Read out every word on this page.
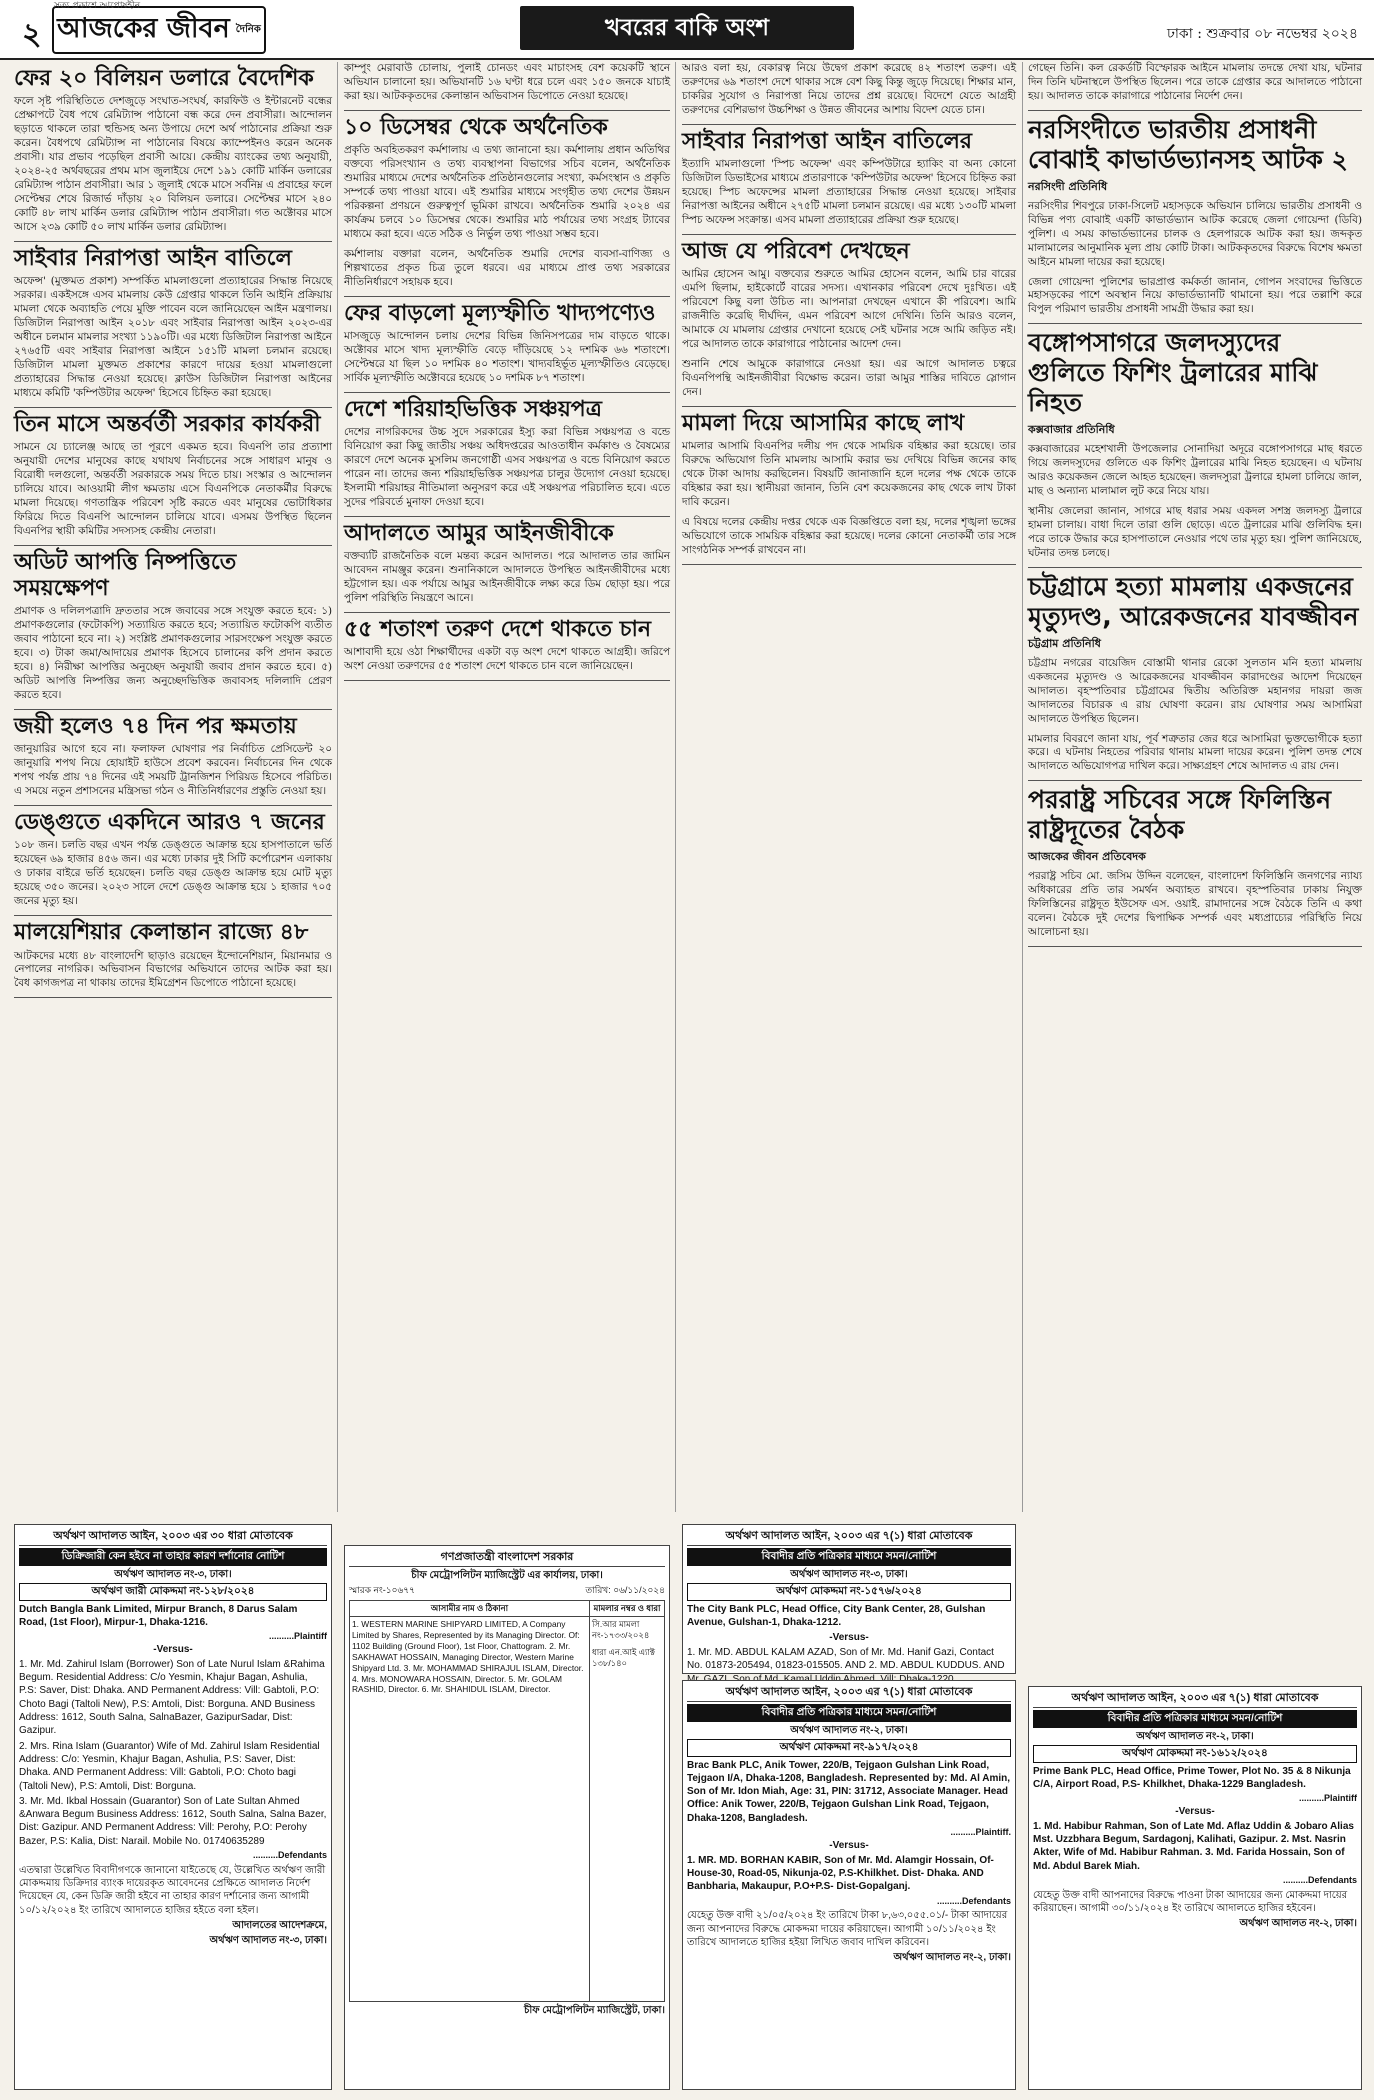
২ আজকের জীবন দৈনিক
সত্য প্রকাশে আপোষহীন
খবরের বাকি অংশ	ঢাকা : শুক্রবার ০৮ নভেম্বর ২০২৪
ফের ২০ বিলিয়ন ডলারে বৈদেশিক

ফলে সৃষ্ট পরিস্থিতিতে দেশজুড়ে সংঘাত-সংঘর্ষ, কারফিউ ও ইন্টারনেট বন্ধের প্রেক্ষাপটে বৈধ পথে রেমিট্যান্স পাঠানো বন্ধ করে দেন প্রবাসীরা। আন্দোলন ছড়াতে থাকলে তারা হুন্ডিসহ অন্য উপায়ে দেশে অর্থ পাঠানোর প্রক্রিয়া শুরু করেন। বৈধপথে রেমিট্যান্স না পাঠানোর বিষয়ে ক্যাম্পেইনও করেন অনেক প্রবাসী। যার প্রভাব পড়েছিল প্রবাসী আয়ে। কেন্দ্রীয় ব্যাংকের তথ্য অনুযায়ী, ২০২৪-২৫ অর্থবছরের প্রথম মাস জুলাইয়ে দেশে ১৯১ কোটি মার্কিন ডলারের রেমিট্যান্স পাঠান প্রবাসীরা। আর ১ জুলাই থেকে মাসে সর্বনিম্ন এ প্রবাহের ফলে সেপ্টেম্বর শেষে রিজার্ভ দাঁড়ায় ২০ বিলিয়ন ডলারে। সেপ্টেম্বর মাসে ২৪০ কোটি ৪৮ লাখ মার্কিন ডলার রেমিট্যান্স পাঠান প্রবাসীরা। গত অক্টোবর মাসে আসে ২৩৯ কোটি ৫০ লাখ মার্কিন ডলার রেমিট্যান্স।

সাইবার নিরাপত্তা আইন বাতিলে

অফেন্স' (মুক্তমত প্রকাশ) সম্পর্কিত মামলাগুলো প্রত্যাহারের সিদ্ধান্ত নিয়েছে সরকার। একইসঙ্গে এসব মামলায় কেউ গ্রেপ্তার থাকলে তিনি আইনি প্রক্রিয়ায় মামলা থেকে অব্যাহতি পেয়ে মুক্তি পাবেন বলে জানিয়েছেন আইন মন্ত্রণালয়। ডিজিটাল নিরাপত্তা আইন ২০১৮ এবং সাইবার নিরাপত্তা আইন ২০২৩-এর অধীনে চলমান মামলার সংখ্যা ১১৯০টি। এর মধ্যে ডিজিটাল নিরাপত্তা আইনে ২৭৬৫টি এবং সাইবার নিরাপত্তা আইনে ১৫১টি মামলা চলমান রয়েছে। ডিজিটাল মামলা মুক্তমত প্রকাশের কারণে দায়ের হওয়া মামলাগুলো প্রত্যাহারের সিদ্ধান্ত নেওয়া হয়েছে। ক্লাউস ডিজিটাল নিরাপত্তা আইনের মাধ্যমে কমিটি 'কম্পিউটার অফেন্স' হিসেবে চিহ্নিত করা হয়েছে।

তিন মাসে অন্তর্বর্তী সরকার কার্যকরী

সামনে যে চ্যালেঞ্জ আছে তা পূরণে একমত হবে। বিএনপি তার প্রত্যাশা অনুযায়ী দেশের মানুষের কাছে যথাযথ নির্বাচনের সঙ্গে সাধারণ মানুষ ও বিরোধী দলগুলো, অন্তর্বর্তী সরকারকে সময় দিতে চায়। সংস্কার ও আন্দোলন চালিয়ে যাবে। আওয়ামী লীগ ক্ষমতায় এসে বিএনপিকে নেতাকর্মীর বিরুদ্ধে মামলা দিয়েছে। গণতান্ত্রিক পরিবেশ সৃষ্টি করতে এবং মানুষের ভোটাধিকার ফিরিয়ে দিতে বিএনপি আন্দোলন চালিয়ে যাবে। এসময় উপস্থিত ছিলেন বিএনপির স্থায়ী কমিটির সদস্যসহ কেন্দ্রীয় নেতারা।

অডিট আপত্তি নিষ্পত্তিতে সময়ক্ষেপণ

প্রমাণক ও দলিলপত্রাদি দ্রুততার সঙ্গে জবাবের সঙ্গে সংযুক্ত করতে হবে: ১) প্রমাণকগুলোর (ফটোকপি) সত্যায়িত করতে হবে; সত্যায়িত ফটোকপি ব্যতীত জবাব পাঠানো হবে না। ২) সংশ্লিষ্ট প্রমাণকগুলোর সারসংক্ষেপ সংযুক্ত করতে হবে। ৩) টাকা জমা/আদায়ের প্রমাণক হিসেবে চালানের কপি প্রদান করতে হবে। ৪) নিরীক্ষা আপত্তির অনুচ্ছেদ অনুযায়ী জবাব প্রদান করতে হবে। ৫) অডিট আপত্তি নিষ্পত্তির জন্য অনুচ্ছেদভিত্তিক জবাবসহ দলিলাদি প্রেরণ করতে হবে।

জয়ী হলেও ৭৪ দিন পর ক্ষমতায়

জানুয়ারির আগে হবে না। ফলাফল ঘোষণার পর নির্বাচিত প্রেসিডেন্ট ২০ জানুয়ারি শপথ নিয়ে হোয়াইট হাউসে প্রবেশ করবেন। নির্বাচনের দিন থেকে শপথ পর্যন্ত প্রায় ৭৪ দিনের এই সময়টি ট্রানজিশন পিরিয়ড হিসেবে পরিচিত। এ সময়ে নতুন প্রশাসনের মন্ত্রিসভা গঠন ও নীতিনির্ধারণের প্রস্তুতি নেওয়া হয়।

ডেঙ্গুতে একদিনে আরও ৭ জনের

১০৮ জন। চলতি বছর এখন পর্যন্ত ডেঙ্গুতে আক্রান্ত হয়ে হাসপাতালে ভর্তি হয়েছেন ৬৯ হাজার ৪৫৬ জন। এর মধ্যে ঢাকার দুই সিটি কর্পোরেশন এলাকায় ও ঢাকার বাইরে ভর্তি হয়েছেন। চলতি বছর ডেঙ্গু আক্রান্ত হয়ে মোট মৃত্যু হয়েছে ৩৫০ জনের। ২০২৩ সালে দেশে ডেঙ্গু আক্রান্ত হয়ে ১ হাজার ৭০৫ জনের মৃত্যু হয়।

মালয়েশিয়ার কেলান্তান রাজ্যে ৪৮

আটকদের মধ্যে ৪৮ বাংলাদেশি ছাড়াও রয়েছেন ইন্দোনেশিয়ান, মিয়ানমার ও নেপালের নাগরিক। অভিবাসন বিভাগের অভিযানে তাদের আটক করা হয়। বৈধ কাগজপত্র না থাকায় তাদের ইমিগ্রেশন ডিপোতে পাঠানো হয়েছে।

কাম্পুং মেরাবাউ চোলায়, পুলাই চোনডং এবং মাচাংসহ বেশ কয়েকটি স্থানে অভিযান চালানো হয়। অভিযানটি ১৬ ঘণ্টা ধরে চলে এবং ১৫০ জনকে যাচাই করা হয়। আটককৃতদের কেলান্তান অভিবাসন ডিপোতে নেওয়া হয়েছে।

১০ ডিসেম্বর থেকে অর্থনৈতিক

প্রকৃতি অবহিতকরণ কর্মশালায় এ তথ্য জানানো হয়। কর্মশালায় প্রধান অতিথির বক্তব্যে পরিসংখ্যান ও তথ্য ব্যবস্থাপনা বিভাগের সচিব বলেন, অর্থনৈতিক শুমারির মাধ্যমে দেশের অর্থনৈতিক প্রতিষ্ঠানগুলোর সংখ্যা, কর্মসংস্থান ও প্রকৃতি সম্পর্কে তথ্য পাওয়া যাবে। এই শুমারির মাধ্যমে সংগৃহীত তথ্য দেশের উন্নয়ন পরিকল্পনা প্রণয়নে গুরুত্বপূর্ণ ভূমিকা রাখবে। অর্থনৈতিক শুমারি ২০২৪ এর কার্যক্রম চলবে ১০ ডিসেম্বর থেকে। শুমারির মাঠ পর্যায়ের তথ্য সংগ্রহ ট্যাবের মাধ্যমে করা হবে। এতে সঠিক ও নির্ভুল তথ্য পাওয়া সম্ভব হবে।

কর্মশালায় বক্তারা বলেন, অর্থনৈতিক শুমারি দেশের ব্যবসা-বাণিজ্য ও শিল্পখাতের প্রকৃত চিত্র তুলে ধরবে। এর মাধ্যমে প্রাপ্ত তথ্য সরকারের নীতিনির্ধারণে সহায়ক হবে।

ফের বাড়লো মূল্যস্ফীতি খাদ্যপণ্যেও

মাসজুড়ে আন্দোলন চলায় দেশের বিভিন্ন জিনিসপত্রের দাম বাড়তে থাকে। অক্টোবর মাসে খাদ্য মূল্যস্ফীতি বেড়ে দাঁড়িয়েছে ১২ দশমিক ৬৬ শতাংশে। সেপ্টেম্বরে যা ছিল ১০ দশমিক ৪০ শতাংশ। খাদ্যবহির্ভূত মূল্যস্ফীতিও বেড়েছে। সার্বিক মূল্যস্ফীতি অক্টোবরে হয়েছে ১০ দশমিক ৮৭ শতাংশ।

দেশে শরিয়াহভিত্তিক সঞ্চয়পত্র

দেশের নাগরিকদের উচ্চ সুদে সরকারের ইস্যু করা বিভিন্ন সঞ্চয়পত্র ও বন্ডে বিনিয়োগ করা কিছু জাতীয় সঞ্চয় অধিদপ্তরের আওতাধীন কর্মকাণ্ড ও বৈষম্যের কারণে দেশে অনেক মুসলিম জনগোষ্ঠী এসব সঞ্চয়পত্র ও বন্ডে বিনিয়োগ করতে পারেন না। তাদের জন্য শরিয়াহভিত্তিক সঞ্চয়পত্র চালুর উদ্যোগ নেওয়া হয়েছে। ইসলামী শরিয়াহর নীতিমালা অনুসরণ করে এই সঞ্চয়পত্র পরিচালিত হবে। এতে সুদের পরিবর্তে মুনাফা দেওয়া হবে।

আদালতে আমুর আইনজীবীকে

বক্তব্যটি রাজনৈতিক বলে মন্তব্য করেন আদালত। পরে আদালত তার জামিন আবেদন নামঞ্জুর করেন। শুনানিকালে আদালতে উপস্থিত আইনজীবীদের মধ্যে হট্টগোল হয়। এক পর্যায়ে আমুর আইনজীবীকে লক্ষ্য করে ডিম ছোড়া হয়। পরে পুলিশ পরিস্থিতি নিয়ন্ত্রণে আনে।

৫৫ শতাংশ তরুণ দেশে থাকতে চান

আশাবাদী হয়ে ওঠা শিক্ষার্থীদের একটা বড় অংশ দেশে থাকতে আগ্রহী। জরিপে অংশ নেওয়া তরুণদের ৫৫ শতাংশ দেশে থাকতে চান বলে জানিয়েছেন।

আরও বলা হয়, বেকারত্ব নিয়ে উদ্বেগ প্রকাশ করেছে ৪২ শতাংশ তরুণ। এই তরুণদের ৬৯ শতাংশ দেশে থাকার সঙ্গে বেশ কিছু কিন্তু জুড়ে দিয়েছে। শিক্ষার মান, চাকরির সুযোগ ও নিরাপত্তা নিয়ে তাদের প্রশ্ন রয়েছে। বিদেশে যেতে আগ্রহী তরুণদের বেশিরভাগ উচ্চশিক্ষা ও উন্নত জীবনের আশায় বিদেশ যেতে চান।

সাইবার নিরাপত্তা আইন বাতিলের

ইত্যাদি মামলাগুলো 'স্পিচ অফেন্স' এবং কম্পিউটারে হ্যাকিং বা অন্য কোনো ডিজিটাল ডিভাইসের মাধ্যমে প্রতারণাকে 'কম্পিউটার অফেন্স' হিসেবে চিহ্নিত করা হয়েছে। স্পিচ অফেন্সের মামলা প্রত্যাহারের সিদ্ধান্ত নেওয়া হয়েছে। সাইবার নিরাপত্তা আইনের অধীনে ২৭৫টি মামলা চলমান রয়েছে। এর মধ্যে ১৩০টি মামলা স্পিচ অফেন্স সংক্রান্ত। এসব মামলা প্রত্যাহারের প্রক্রিয়া শুরু হয়েছে।

আজ যে পরিবেশ দেখছেন

আমির হোসেন আমু। বক্তব্যের শুরুতে আমির হোসেন বলেন, আমি চার বারের এমপি ছিলাম, হাইকোর্টে বারের সদস্য। এখানকার পরিবেশ দেখে দুঃখিত। এই পরিবেশে কিছু বলা উচিত না। আপনারা দেখছেন এখানে কী পরিবেশ। আমি রাজনীতি করেছি দীর্ঘদিন, এমন পরিবেশ আগে দেখিনি। তিনি আরও বলেন, আমাকে যে মামলায় গ্রেপ্তার দেখানো হয়েছে সেই ঘটনার সঙ্গে আমি জড়িত নই। পরে আদালত তাকে কারাগারে পাঠানোর আদেশ দেন।

শুনানি শেষে আমুকে কারাগারে নেওয়া হয়। এর আগে আদালত চত্বরে বিএনপিপন্থি আইনজীবীরা বিক্ষোভ করেন। তারা আমুর শাস্তির দাবিতে স্লোগান দেন।

মামলা দিয়ে আসামির কাছে লাখ

মামলার আসামি বিএনপির দলীয় পদ থেকে সাময়িক বহিষ্কার করা হয়েছে। তার বিরুদ্ধে অভিযোগ তিনি মামলায় আসামি করার ভয় দেখিয়ে বিভিন্ন জনের কাছ থেকে টাকা আদায় করছিলেন। বিষয়টি জানাজানি হলে দলের পক্ষ থেকে তাকে বহিষ্কার করা হয়। স্থানীয়রা জানান, তিনি বেশ কয়েকজনের কাছ থেকে লাখ টাকা দাবি করেন।

এ বিষয়ে দলের কেন্দ্রীয় দপ্তর থেকে এক বিজ্ঞপ্তিতে বলা হয়, দলের শৃঙ্খলা ভঙ্গের অভিযোগে তাকে সাময়িক বহিষ্কার করা হয়েছে। দলের কোনো নেতাকর্মী তার সঙ্গে সাংগঠনিক সম্পর্ক রাখবেন না।

গেছেন তিনি। কল রেকর্ডটি বিস্ফোরক আইনে মামলায় তদন্তে দেখা যায়, ঘটনার দিন তিনি ঘটনাস্থলে উপস্থিত ছিলেন। পরে তাকে গ্রেপ্তার করে আদালতে পাঠানো হয়। আদালত তাকে কারাগারে পাঠানোর নির্দেশ দেন।

নরসিংদীতে ভারতীয় প্রসাধনী বোঝাই কাভার্ডভ্যানসহ আটক ২
নরসিংদী প্রতিনিধি

নরসিংদীর শিবপুরে ঢাকা-সিলেট মহাসড়কে অভিযান চালিয়ে ভারতীয় প্রসাধনী ও বিভিন্ন পণ্য বোঝাই একটি কাভার্ডভ্যান আটক করেছে জেলা গোয়েন্দা (ডিবি) পুলিশ। এ সময় কাভার্ডভ্যানের চালক ও হেলপারকে আটক করা হয়। জব্দকৃত মালামালের আনুমানিক মূল্য প্রায় কোটি টাকা। আটককৃতদের বিরুদ্ধে বিশেষ ক্ষমতা আইনে মামলা দায়ের করা হয়েছে।

জেলা গোয়েন্দা পুলিশের ভারপ্রাপ্ত কর্মকর্তা জানান, গোপন সংবাদের ভিত্তিতে মহাসড়কের পাশে অবস্থান নিয়ে কাভার্ডভ্যানটি থামানো হয়। পরে তল্লাশি করে বিপুল পরিমাণ ভারতীয় প্রসাধনী সামগ্রী উদ্ধার করা হয়।

বঙ্গোপসাগরে জলদস্যুদের গুলিতে ফিশিং ট্রলারের মাঝি নিহত
কক্সবাজার প্রতিনিধি

কক্সবাজারের মহেশখালী উপজেলার সোনাদিয়া অদূরে বঙ্গোপসাগরে মাছ ধরতে গিয়ে জলদস্যুদের গুলিতে এক ফিশিং ট্রলারের মাঝি নিহত হয়েছেন। এ ঘটনায় আরও কয়েকজন জেলে আহত হয়েছেন। জলদস্যুরা ট্রলারে হামলা চালিয়ে জাল, মাছ ও অন্যান্য মালামাল লুট করে নিয়ে যায়।

স্থানীয় জেলেরা জানান, সাগরে মাছ ধরার সময় একদল সশস্ত্র জলদস্যু ট্রলারে হামলা চালায়। বাধা দিলে তারা গুলি ছোড়ে। এতে ট্রলারের মাঝি গুলিবিদ্ধ হন। পরে তাকে উদ্ধার করে হাসপাতালে নেওয়ার পথে তার মৃত্যু হয়। পুলিশ জানিয়েছে, ঘটনার তদন্ত চলছে।

চট্টগ্রামে হত্যা মামলায় একজনের মৃত্যুদণ্ড, আরেকজনের যাবজ্জীবন
চট্টগ্রাম প্রতিনিধি

চট্টগ্রাম নগরের বায়েজিদ বোস্তামী থানার রেকো সুলতান মনি হত্যা মামলায় একজনের মৃত্যুদণ্ড ও আরেকজনের যাবজ্জীবন কারাদণ্ডের আদেশ দিয়েছেন আদালত। বৃহস্পতিবার চট্টগ্রামের দ্বিতীয় অতিরিক্ত মহানগর দায়রা জজ আদালতের বিচারক এ রায় ঘোষণা করেন। রায় ঘোষণার সময় আসামিরা আদালতে উপস্থিত ছিলেন।

মামলার বিবরণে জানা যায়, পূর্ব শত্রুতার জের ধরে আসামিরা ভুক্তভোগীকে হত্যা করে। এ ঘটনায় নিহতের পরিবার থানায় মামলা দায়ের করেন। পুলিশ তদন্ত শেষে আদালতে অভিযোগপত্র দাখিল করে। সাক্ষ্যগ্রহণ শেষে আদালত এ রায় দেন।

পররাষ্ট্র সচিবের সঙ্গে ফিলিস্তিন রাষ্ট্রদূতের বৈঠক
আজকের জীবন প্রতিবেদক

পররাষ্ট্র সচিব মো. জসিম উদ্দিন বলেছেন, বাংলাদেশ ফিলিস্তিনি জনগণের ন্যায্য অধিকারের প্রতি তার সমর্থন অব্যাহত রাখবে। বৃহস্পতিবার ঢাকায় নিযুক্ত ফিলিস্তিনের রাষ্ট্রদূত ইউসেফ এস. ওয়াই. রামাদানের সঙ্গে বৈঠকে তিনি এ কথা বলেন। বৈঠকে দুই দেশের দ্বিপাক্ষিক সম্পর্ক এবং মধ্যপ্রাচ্যের পরিস্থিতি নিয়ে আলোচনা হয়।

অর্থঋণ আদালত আইন, ২০০৩ এর ৩০ ধারা মোতাবেক
ডিক্রিজারী কেন হইবে না তাহার কারণ দর্শানোর নোটিশ
অর্থঋণ আদালত নং-৩, ঢাকা।
অর্থঋণ জারী মোকদ্দমা নং-১২৮/২০২৪
Dutch Bangla Bank Limited, Mirpur Branch, 8 Darus Salam Road, (1st Floor), Mirpur-1, Dhaka-1216.
..........Plaintiff
-Versus-
1. Mr. Md. Zahirul Islam (Borrower) Son of Late Nurul Islam &Rahima Begum. Residential Address: C/o Yesmin, Khajur Bagan, Ashulia, P.S: Saver, Dist: Dhaka. AND Permanent Address: Vill: Gabtoli, P.O: Choto Bagi (Taltoli New), P.S: Amtoli, Dist: Borguna. AND Business Address: 1612, South Salna, SalnaBazer, GazipurSadar, Dist: Gazipur.
2. Mrs. Rina Islam (Guarantor) Wife of Md. Zahirul Islam Residential Address: C/o: Yesmin, Khajur Bagan, Ashulia, P.S: Saver, Dist: Dhaka. AND Permanent Address: Vill: Gabtoli, P.O: Choto bagi (Taltoli New), P.S: Amtoli, Dist: Borguna.
3. Mr. Md. Ikbal Hossain (Guarantor) Son of Late Sultan Ahmed &Anwara Begum Business Address: 1612, South Salna, Salna Bazer, Dist: Gazipur. AND Permanent Address: Vill: Perohy, P.O: Perohy Bazer, P.S: Kalia, Dist: Narail. Mobile No. 01740635289
..........Defendants
এতদ্বারা উল্লেখিত বিবাদীগণকে জানানো যাইতেছে যে, উল্লেখিত অর্থঋণ জারী মোকদ্দমায় ডিক্রিদার ব্যাংক দায়েরকৃত আবেদনের প্রেক্ষিতে আদালত নির্দেশ দিয়েছেন যে, কেন ডিক্রি জারী হইবে না তাহার কারণ দর্শানোর জন্য আগামী ১০/১২/২০২৪ ইং তারিখে আদালতে হাজির হইতে বলা হইল।
আদালতের আদেশক্রমে,
অর্থঋণ আদালত নং-৩, ঢাকা।
গণপ্রজাতন্ত্রী বাংলাদেশ সরকার
চীফ মেট্রোপলিটন ম্যাজিস্ট্রেট এর কার্যালয়, ঢাকা।
স্মারক নং-১০৬৭৭	তারিখ: ০৬/১১/২০২৪
আসামীর নাম ও ঠিকানা	মামলার নম্বর ও ধারা
1. WESTERN MARINE SHIPYARD LIMITED, A Company Limited by Shares, Represented by its Managing Director. Of: 1102 Building (Ground Floor), 1st Floor, Chattogram. 2. Mr. SAKHAWAT HOSSAIN, Managing Director, Western Marine Shipyard Ltd. 3. Mr. MOHAMMAD SHIRAJUL ISLAM, Director. 4. Mrs. MONOWARA HOSSAIN, Director. 5. Mr. GOLAM RASHID, Director. 6. Mr. SHAHIDUL ISLAM, Director.	সি.আর মামলা নং-১৭৩৩/২০২৪
ধারা এন.আই এ্যাক্ট ১৩৮/১৪০
চীফ মেট্রোপলিটন ম্যাজিস্ট্রেট, ঢাকা।
অর্থঋণ আদালত আইন, ২০০৩ এর ৭(১) ধারা মোতাবেক
বিবাদীর প্রতি পত্রিকার মাধ্যমে সমন/নোটিশ
অর্থঋণ আদালত নং-৩, ঢাকা।
অর্থঋণ মোকদ্দমা নং-১৫৭৬/২০২৪
The City Bank PLC, Head Office, City Bank Center, 28, Gulshan Avenue, Gulshan-1, Dhaka-1212.
-Versus-
1. Mr. MD. ABDUL KALAM AZAD, Son of Mr. Md. Hanif Gazi, Contact No. 01873-205494, 01823-015505. AND 2. MD. ABDUL KUDDUS. AND
অর্থঋণ আদালত আইন, ২০০৩ এর ৭(১) ধারা মোতাবেক
বিবাদীর প্রতি পত্রিকার মাধ্যমে সমন/নোটিশ
অর্থঋণ আদালত নং-২, ঢাকা।
অর্থঋণ মোকদ্দমা নং-৯১৭/২০২৪
Brac Bank PLC, Anik Tower, 220/B, Tejgaon Gulshan Link Road, Tejgaon I/A, Dhaka-1208, Bangladesh. Represented by: Md. Al Amin, Son of Mr. Idon Miah, Age: 31, PIN: 31712, Associate Manager. Head Office: Anik Tower, 220/B, Tejgaon Gulshan Link Road, Tejgaon, Dhaka-1208, Bangladesh.
..........Plaintiff.
-Versus-
1. MR. MD. BORHAN KABIR, Son of Mr. Md. Alamgir Hossain, Of-House-30, Road-05, Nikunja-02, P.S-Khilkhet. Dist- Dhaka. AND Banbharia, Makaupur, P.O+P.S- Dist-Gopalganj.
..........Defendants
যেহেতু উক্ত বাদী ২১/০৫/২০২৪ ইং তারিখে টাকা ৮,৬৩,০৫৫.০১/- টাকা আদায়ের জন্য আপনাদের বিরুদ্ধে মোকদ্দমা দায়ের করিয়াছেন। আগামী ১০/১১/২০২৪ ইং তারিখে আদালতে হাজির হইয়া লিখিত জবাব দাখিল করিবেন।
অর্থঋণ আদালত নং-২, ঢাকা।
অর্থঋণ আদালত আইন, ২০০৩ এর ৭(১) ধারা মোতাবেক
বিবাদীর প্রতি পত্রিকার মাধ্যমে সমন/নোটিশ
অর্থঋণ আদালত নং-২, ঢাকা।
অর্থঋণ মোকদ্দমা নং-১৬১২/২০২৪
Prime Bank PLC, Head Office, Prime Tower, Plot No. 35 & 8 Nikunja C/A, Airport Road, P.S- Khilkhet, Dhaka-1229 Bangladesh.
..........Plaintiff
-Versus-
1. Md. Habibur Rahman, Son of Late Md. Aflaz Uddin & Jobaro Alias Mst. Uzzbhara Begum, Sardagonj, Kalihati, Gazipur. 2. Mst. Nasrin Akter, Wife of Md. Habibur Rahman. 3. Md. Farida Hossain, Son of Md. Abdul Barek Miah.
..........Defendants
যেহেতু উক্ত বাদী আপনাদের বিরুদ্ধে পাওনা টাকা আদায়ের জন্য মোকদ্দমা দায়ের করিয়াছেন। আগামী ৩০/১১/২০২৪ ইং তারিখে আদালতে হাজির হইবেন।
অর্থঋণ আদালত নং-২, ঢাকা।
